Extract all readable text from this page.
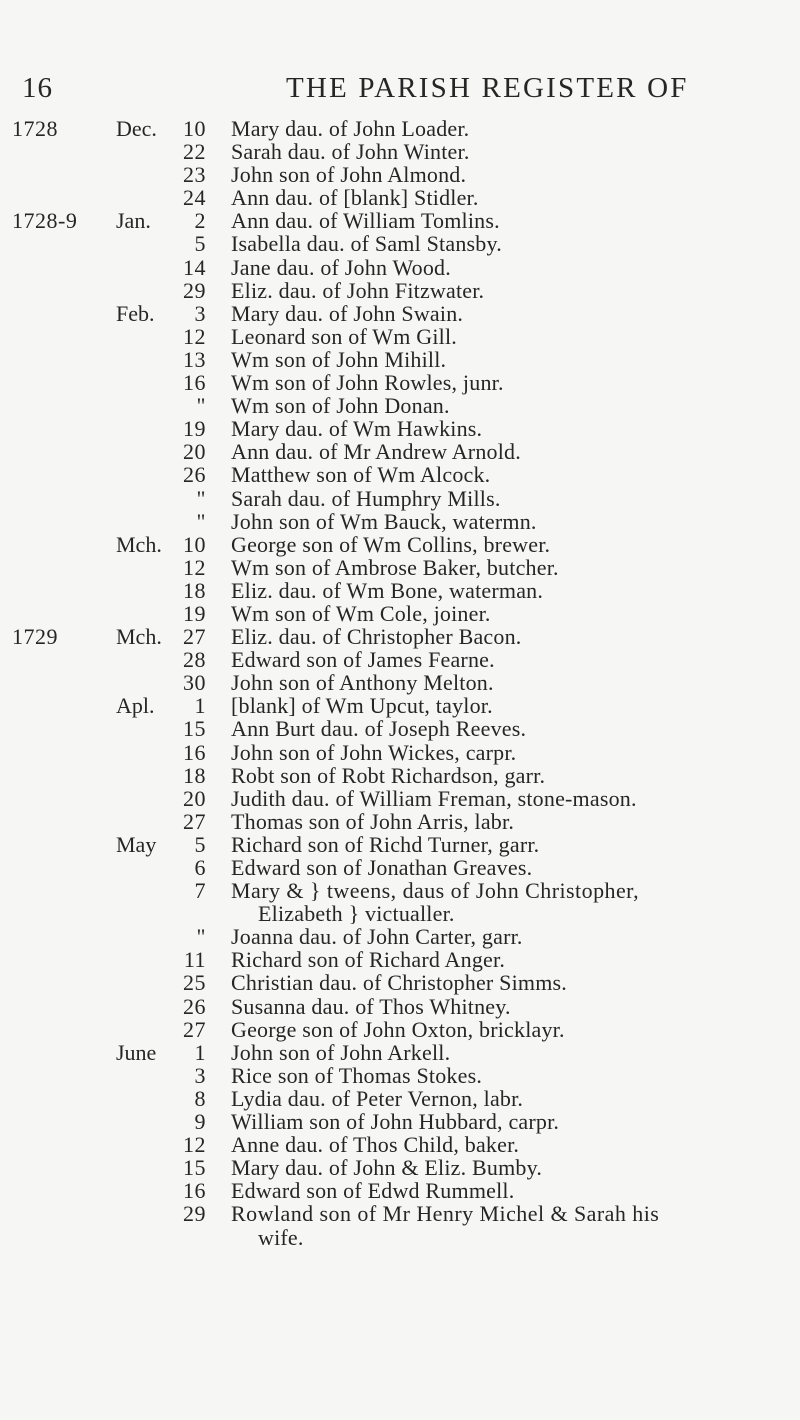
16	THE PARISH REGISTER OF
1728	Dec.	10 Mary dau. of John Loader.
22 Sarah dau. of John Winter.
23 John son of John Almond.
24 Ann dau. of [blank] Stidler.
1728-9	Jan.	2 Ann dau. of William Tomlins.
5 Isabella dau. of Saml Stansby.
14 Jane dau. of John Wood.
29 Eliz. dau. of John Fitzwater.
Feb.	3 Mary dau. of John Swain.
12 Leonard son of Wm Gill.
13 Wm son of John Mihill.
16 Wm son of John Rowles, junr.
" Wm son of John Donan.
19 Mary dau. of Wm Hawkins.
20 Ann dau. of Mr Andrew Arnold.
26 Matthew son of Wm Alcock.
" Sarah dau. of Humphry Mills.
" John son of Wm Bauck, watermn.
Mch. 10 George son of Wm Collins, brewer.
12 Wm son of Ambrose Baker, butcher.
18 Eliz. dau. of Wm Bone, waterman.
19 Wm son of Wm Cole, joiner.
1729	Mch. 27 Eliz. dau. of Christopher Bacon.
28 Edward son of James Fearne.
30 John son of Anthony Melton.
Apl.	1 [blank] of Wm Upcut, taylor.
15 Ann Burt dau. of Joseph Reeves.
16 John son of John Wickes, carpr.
18 Robt son of Robt Richardson, garr.
20 Judith dau. of William Freman, stone-mason.
27 Thomas son of John Arris, labr.
May	5 Richard son of Richd Turner, garr.
6 Edward son of Jonathan Greaves.
7 Mary & } tweens, daus of John Christopher,
Elizabeth } victualler.
" Joanna dau. of John Carter, garr.
11 Richard son of Richard Anger.
25 Christian dau. of Christopher Simms.
26 Susanna dau. of Thos Whitney.
27 George son of John Oxton, bricklayr.
June	1 John son of John Arkell.
3 Rice son of Thomas Stokes.
8 Lydia dau. of Peter Vernon, labr.
9 William son of John Hubbard, carpr.
12 Anne dau. of Thos Child, baker.
15 Mary dau. of John & Eliz. Bumby.
16 Edward son of Edwd Rummell.
29 Rowland son of Mr Henry Michel & Sarah his
wife.
